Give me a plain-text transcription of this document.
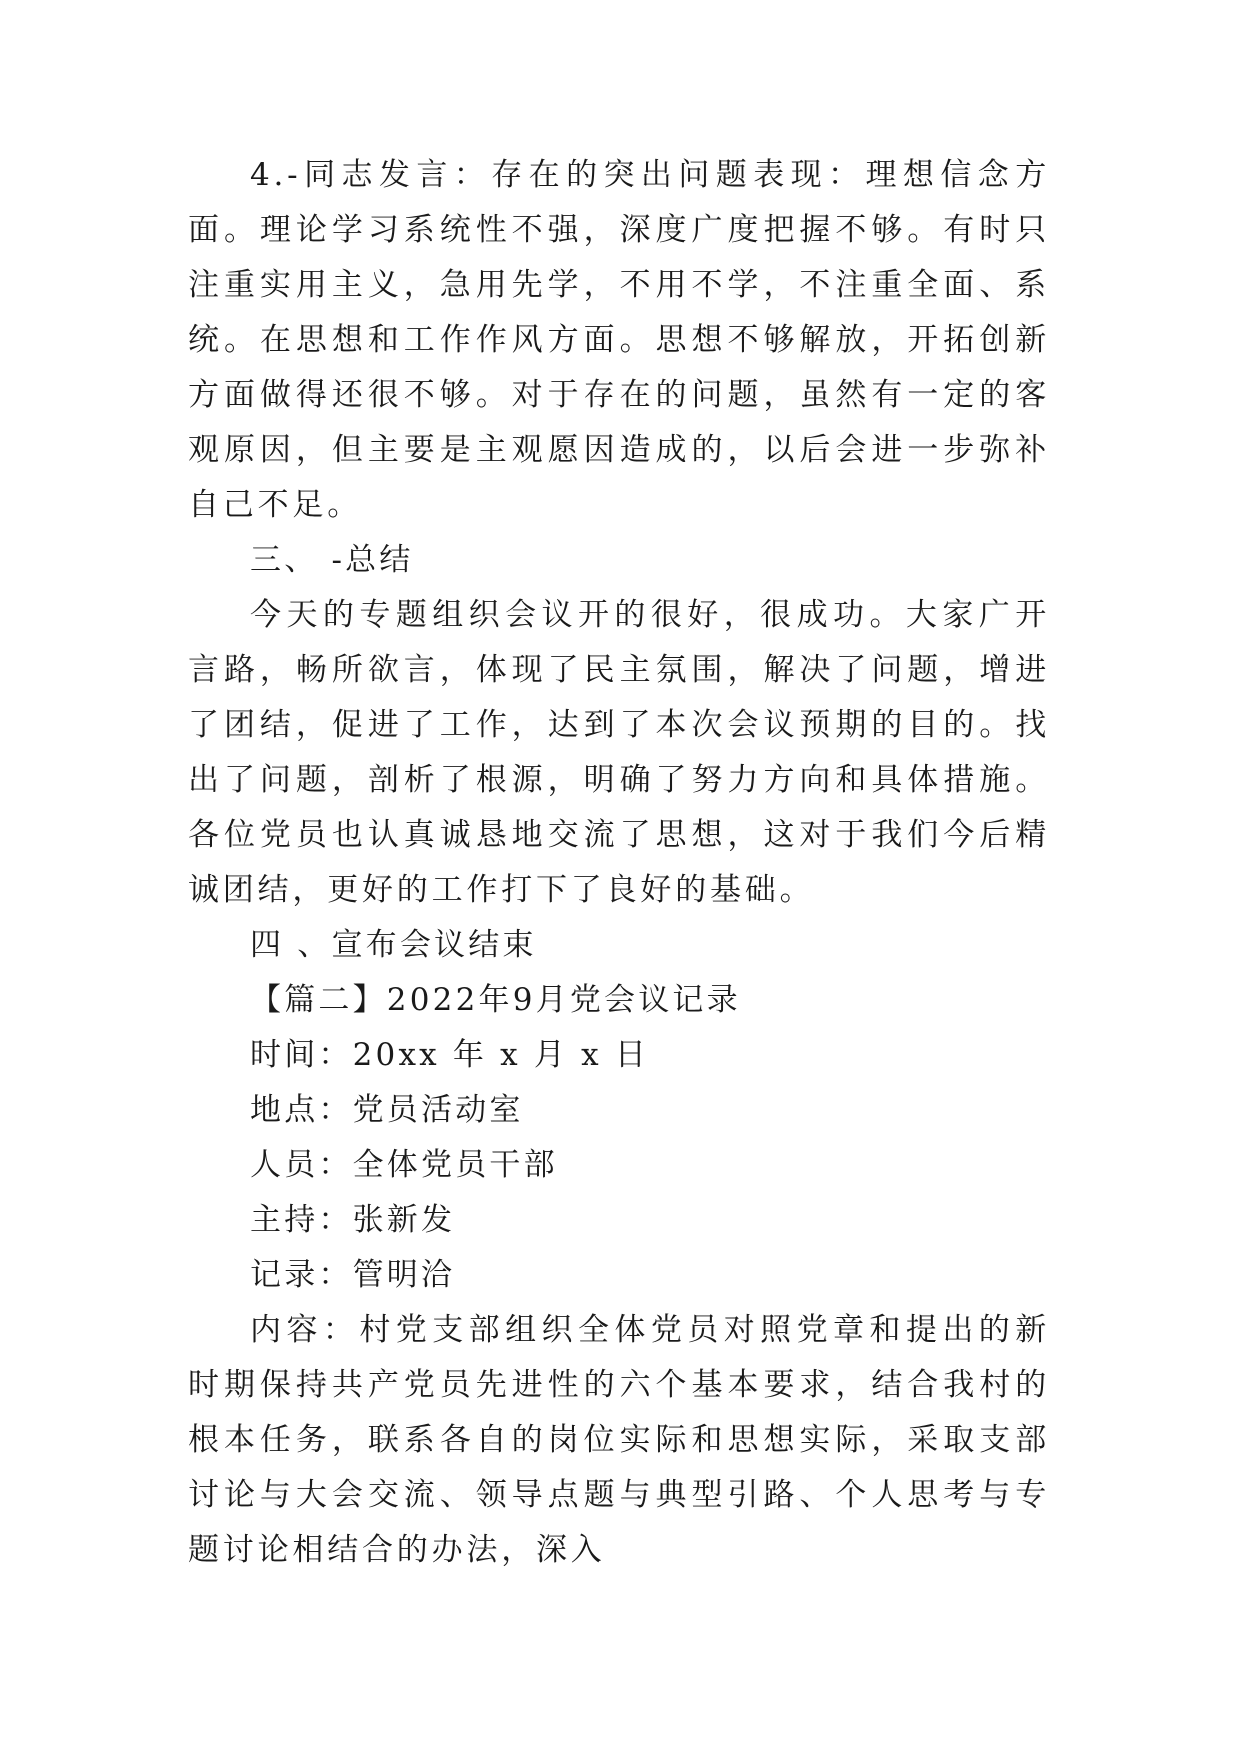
4.-同志发言：存在的突出问题表现：理想信念方面。理论学习系统性不强，深度广度把握不够。有时只注重实用主义，急用先学，不用不学，不注重全面、系统。在思想和工作作风方面。思想不够解放，开拓创新方面做得还很不够。对于存在的问题，虽然有一定的客观原因，但主要是主观愿因造成的，以后会进一步弥补自己不足。

三、 -总结

今天的专题组织会议开的很好，很成功。大家广开言路，畅所欲言，体现了民主氛围，解决了问题，增进了团结，促进了工作，达到了本次会议预期的目的。找出了问题，剖析了根源，明确了努力方向和具体措施。各位党员也认真诚恳地交流了思想，这对于我们今后精诚团结，更好的工作打下了良好的基础。

四 、宣布会议结束

【篇二】2022年9月党会议记录

时间：20xx 年 x 月 x 日

地点：党员活动室

人员：全体党员干部

主持：张新发

记录：管明洽

内容：村党支部组织全体党员对照党章和提出的新时期保持共产党员先进性的六个基本要求，结合我村的根本任务，联系各自的岗位实际和思想实际，采取支部讨论与大会交流、领导点题与典型引路、个人思考与专题讨论相结合的办法，深入
